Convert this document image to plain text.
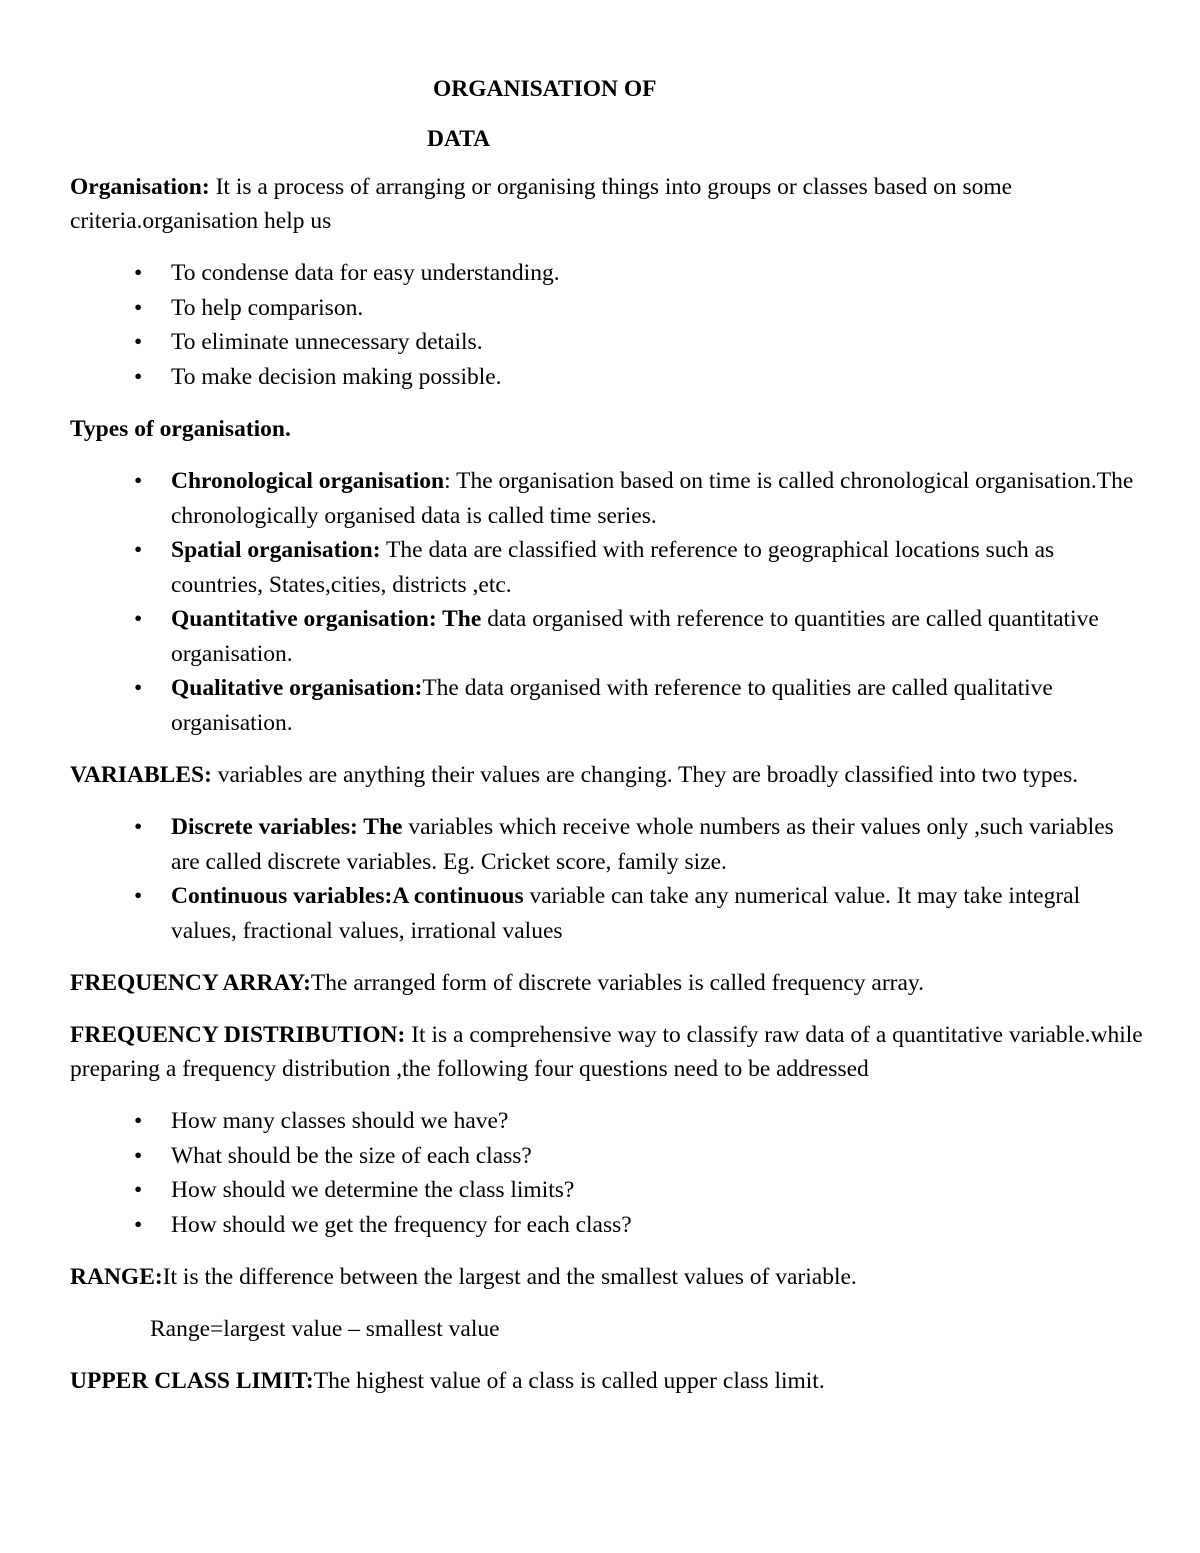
ORGANISATION OF
DATA

Organisation: It is a process of arranging or organising things into groups or classes based on some criteria.organisation help us

• To condense data for easy understanding.
• To help comparison.
• To eliminate unnecessary details.
• To make decision making possible.

Types of organisation.

• Chronological organisation: The organisation based on time is called chronological organisation.The chronologically organised data is called time series.
• Spatial organisation: The data are classified with reference to geographical locations such as countries, States,cities, districts ,etc.
• Quantitative organisation: The data organised with reference to quantities are called quantitative organisation.
• Qualitative organisation:The data organised with reference to qualities are called qualitative organisation.

VARIABLES: variables are anything their values are changing. They are broadly classified into two types.

• Discrete variables: The variables which receive whole numbers as their values only ,such variables are called discrete variables. Eg. Cricket score, family size.
• Continuous variables:A continuous variable can take any numerical value. It may take integral values, fractional values, irrational values

FREQUENCY ARRAY:The arranged form of discrete variables is called frequency array.

FREQUENCY DISTRIBUTION: It is a comprehensive way to classify raw data of a quantitative variable.while preparing a frequency distribution ,the following four questions need to be addressed

• How many classes should we have?
• What should be the size of each class?
• How should we determine the class limits?
• How should we get the frequency for each class?

RANGE:It is the difference between the largest and the smallest values of variable.

Range=largest value – smallest value

UPPER CLASS LIMIT:The highest value of a class is called upper class limit.
